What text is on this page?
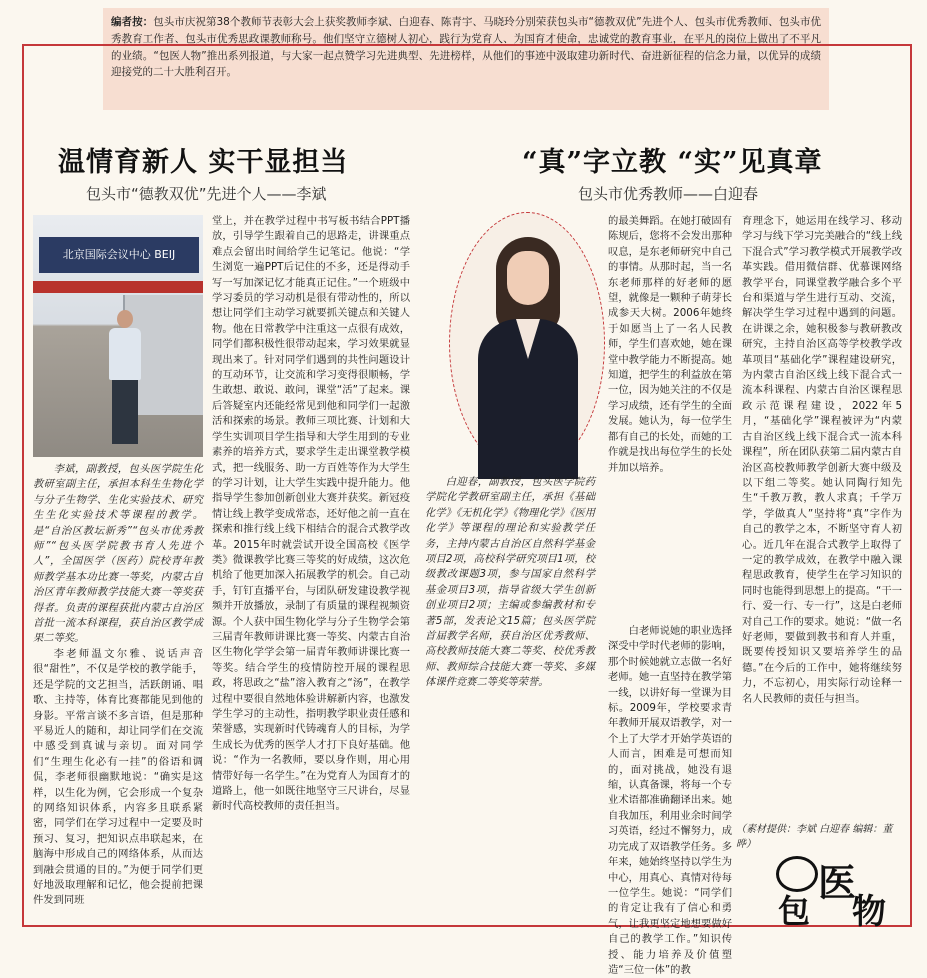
编者按：包头市庆祝第38个教师节表彰大会上获奖教师李斌、白迎春、陈青宇、马晓玲分别荣获包头市“德教双优”先进个人、包头市优秀教师、包头市优秀教育工作者、包头市优秀思政课教师称号。他们坚守立德树人初心，践行为党育人、为国育才使命，忠诚党的教育事业，在平凡的岗位上做出了不平凡的业绩。“包医人物”推出系列报道，与大家一起点赞学习先进典型、先进榜样，从他们的事迹中汲取建功新时代、奋进新征程的信念力量，以优异的成绩迎接党的二十大胜利召开。
温情育新人 实干显担当
包头市“德教双优”先进个人——李斌
北京国际会议中心 BEIJ

李斌，副教授，包头医学院生化教研室副主任，承担本科生生物化学与分子生物学、生化实验技术、研究生生化实验技术等课程的教学。是“自治区教坛新秀”“包头市优秀教师”“包头医学院教书育人先进个人”，全国医学（医药）院校青年教师教学基本功比赛一等奖，内蒙古自治区青年教师教学技能大赛一等奖获得者。负责的课程获批内蒙古自治区首批一流本科课程，获自治区教学成果二等奖。

李老师温文尔雅、说话声音很“甜性”，不仅是学校的教学能手，还是学院的文艺担当，活跃朗诵、唱歌、主持等，体育比赛都能见到他的身影。平常言谈不多言语，但是那种平易近人的随和，却让同学们在交流中感受到真诚与亲切。面对同学们“生理生化必有一挂”的俗语和调侃，李老师很幽默地说：“确实是这样，以生化为例，它会形成一个复杂的网络知识体系，内容多且联系紧密，同学们在学习过程中一定要及时预习、复习，把知识点串联起来，在脑海中形成自己的网络体系，从而达到融会贯通的目的。”为便于同学们更好地汲取理解和记忆，他会提前把课件发到同班

堂上，并在教学过程中书写板书结合PPT播放，引导学生跟着自己的思路走，讲课重点难点会留出时间给学生记笔记。他说：“学生浏览一遍PPT后记住的不多，还是得动手写一写加深记忆才能真正记住。”一个班级中学习委员的学习动机是很有带动性的，所以想让同学们主动学习就要抓关键点和关键人物。他在日常教学中注重这一点很有成效，同学们都积极性很带动起来，学习效果就显现出来了。针对同学们遇到的共性问题设计的互动环节，让交流和学习变得很顺畅，学生敢想、敢说、敢问，课堂“活”了起来。课后答疑室内还能经常见到他和同学们一起激活和探索的场景。教师三项比赛、计划和大学生实训项目学生指导和大学生用到的专业素养的培养方式，要求学生走出课堂教学模式，把一线服务、助一方百姓等作为大学生的学习计划，让大学生实践中提升能力。他指导学生参加创新创业大赛并获奖。新冠疫情让线上教学变成常态，还好他之前一直在探索和推行线上线下相结合的混合式教学改革。2015年时就尝试开设全国高校《医学类》微课教学比赛三等奖的好成绩，这次危机给了他更加深入拓展教学的机会。自己动手，钉钉直播平台，与团队研发建设教学视频并开放播放，录制了有质量的课程视频资源。个人获中国生物化学与分子生物学会第三届青年教师讲课比赛一等奖、内蒙古自治区生物化学学会第一届青年教师讲课比赛一等奖。结合学生的疫情防控开展的课程思政，将思政之“盐”溶入教育之“汤”，在教学过程中要很自然地体验讲解新内容，也激发学生学习的主动性，指明教学职业责任感和荣誉感，实现新时代铸魂育人的目标，为学生成长为优秀的医学人才打下良好基础。他说：“作为一名教师，要以身作则，用心用情带好每一名学生。”在为党育人为国育才的道路上，他一如既往地坚守三尺讲台，尽显新时代高校教师的责任担当。

“真”字立教 “实”见真章
包头市优秀教师——白迎春

白迎春，副教授，包头医学院药学院化学教研室副主任，承担《基础化学》《无机化学》《物理化学》《医用化学》等课程的理论和实验教学任务，主持内蒙古自治区自然科学基金项目2项，高校科学研究项目1项，校级教改课题3项，参与国家自然科学基金项目3项，指导省级大学生创新创业项目2项；主编或参编教材和专著5部，发表论文15篇；包头医学院首届教学名师，获自治区优秀教师、高校教师技能大赛二等奖、校优秀教师、教师综合技能大赛一等奖、多媒体课件竞赛二等奖等荣誉。

的最美舞蹈。在她打破固有陈规后，您将不会发出那种叹息，是东老师研究中自己的事情。从那时起，当一名东老师那样的好老师的愿望，就像是一颗种子萌芽长成参天大树。2006年她终于如愿当上了一名人民教师，学生们喜欢她，她在课堂中教学能力不断提高。她知道，把学生的利益放在第一位，因为她关注的不仅是学习成绩，还有学生的全面发展。她认为，每一位学生都有自己的长处，而她的工作就是找出每位学生的长处并加以培养。

白老师说她的职业选择深受中学时代老师的影响，那个时候她就立志做一名好老师。她一直坚持在教学第一线，以讲好每一堂课为目标。2009年，学校要求青年教师开展双语教学，对一个上了大学才开始学英语的人而言，困难是可想而知的，面对挑战，她没有退缩，认真备课，将每一个专业术语都准确翻译出来。她自我加压，利用业余时间学习英语，经过不懈努力，成功完成了双语教学任务。多年来，她始终坚持以学生为中心，用真心、真情对待每一位学生。她说：“同学们的肯定让我有了信心和勇气，让我更坚定地想要做好自己的教学工作。”知识传授、能力培养及价值塑造“三位一体”的教

育理念下，她运用在线学习、移动学习与线下学习完美融合的“线上线下混合式”学习教学模式开展教学改革实践。借用微信群、优慕课网络教学平台，同课堂教学融合多个平台和渠道与学生进行互动、交流，解决学生学习过程中遇到的问题。在讲课之余，她积极参与教研教改研究，主持自治区高等学校教学改革项目“基础化学”课程建设研究，为内蒙古自治区线上线下混合式一流本科课程、内蒙古自治区课程思政示范课程建设，2022年5月，“基础化学”课程被评为“内蒙古自治区线上线下混合式一流本科课程”，所在团队获第二届内蒙古自治区高校教师教学创新大赛中级及以下组二等奖。她认同陶行知先生“千教万教，教人求真；千学万学，学做真人”坚持将“真”字作为自己的教学之本，不断坚守育人初心。近几年在混合式教学上取得了一定的教学成效，在教学中融入课程思政教育，使学生在学习知识的同时也能得到思想上的提高。“干一行、爱一行、专一行”，这是白老师对自己工作的要求。她说：“做一名好老师，要做到教书和育人并重，既要传授知识又要培养学生的品德。”在今后的工作中，她将继续努力，不忘初心，用实际行动诠释一名人民教师的责任与担当。

（素材提供：李斌 白迎春 编辑：董晔）
医
包 物
